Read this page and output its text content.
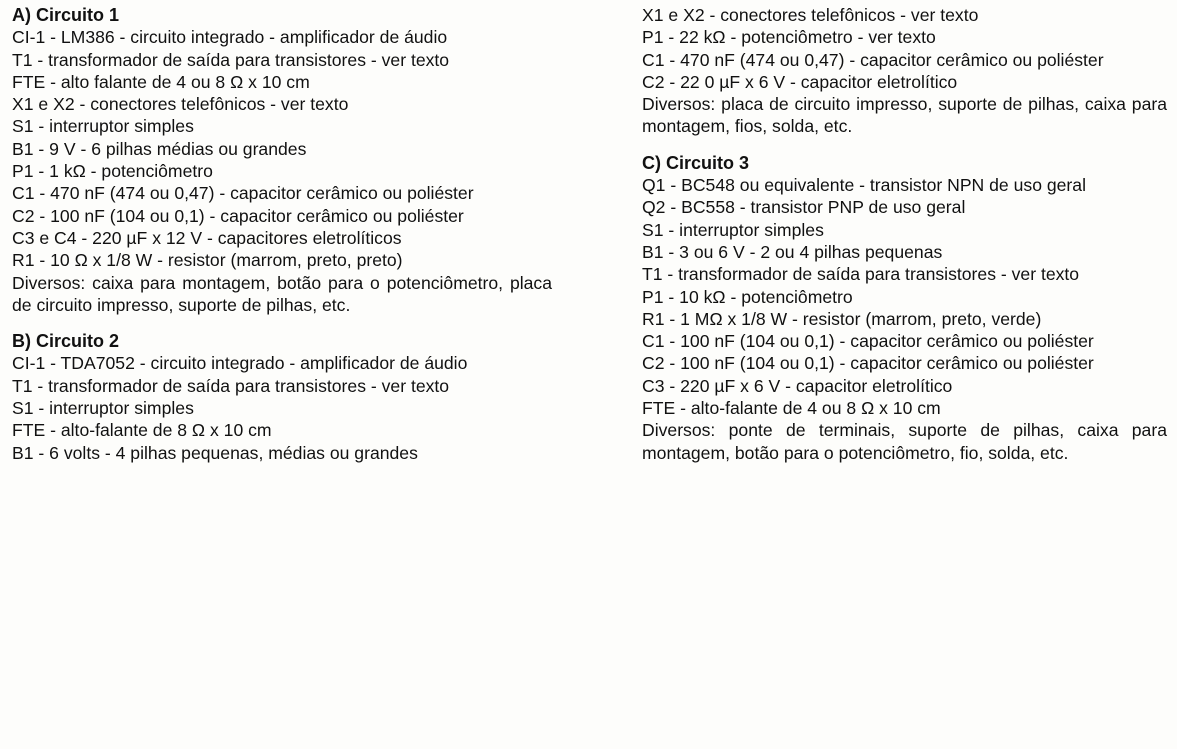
A) Circuito 1
CI-1 - LM386 - circuito integrado - amplificador de áudio
T1 - transformador de saída para transistores - ver texto
FTE - alto falante de 4 ou 8 Ω x 10 cm
X1 e X2 - conectores telefônicos - ver texto
S1 - interruptor simples
B1 - 9 V - 6 pilhas médias ou grandes
P1 - 1 kΩ - potenciômetro
C1 - 470 nF (474 ou 0,47) - capacitor cerâmico ou poliéster
C2 - 100 nF (104 ou 0,1) - capacitor cerâmico ou poliéster
C3 e C4 - 220 µF x 12 V - capacitores eletrolíticos
R1 - 10 Ω x 1/8 W - resistor (marrom, preto, preto)
Diversos: caixa para montagem, botão para o potenciômetro, placa de circuito impresso, suporte de pilhas, etc.
B) Circuito 2
CI-1 - TDA7052 - circuito integrado - amplificador de áudio
T1 - transformador de saída para transistores - ver texto
S1 - interruptor simples
FTE - alto-falante de 8 Ω x 10 cm
B1 - 6 volts - 4 pilhas pequenas, médias ou grandes
X1 e X2 - conectores telefônicos - ver texto
P1 - 22 kΩ - potenciômetro - ver texto
C1 - 470 nF (474 ou 0,47) - capacitor cerâmico ou poliéster
C2 - 22 0 µF x 6 V - capacitor eletrolítico
Diversos: placa de circuito impresso, suporte de pilhas, caixa para montagem, fios, solda, etc.
C) Circuito 3
Q1 - BC548 ou equivalente - transistor NPN de uso geral
Q2 - BC558 - transistor PNP de uso geral
S1 - interruptor simples
B1 - 3 ou 6 V - 2 ou 4 pilhas pequenas
T1 - transformador de saída para transistores - ver texto
P1 - 10 kΩ - potenciômetro
R1 - 1 MΩ x 1/8 W - resistor (marrom, preto, verde)
C1 - 100 nF (104 ou 0,1) - capacitor cerâmico ou poliéster
C2 - 100 nF (104 ou 0,1) - capacitor cerâmico ou poliéster
C3 - 220 µF x 6 V - capacitor eletrolítico
FTE - alto-falante de 4 ou 8 Ω x 10 cm
Diversos: ponte de terminais, suporte de pilhas, caixa para montagem, botão para o potenciômetro, fio, solda, etc.
